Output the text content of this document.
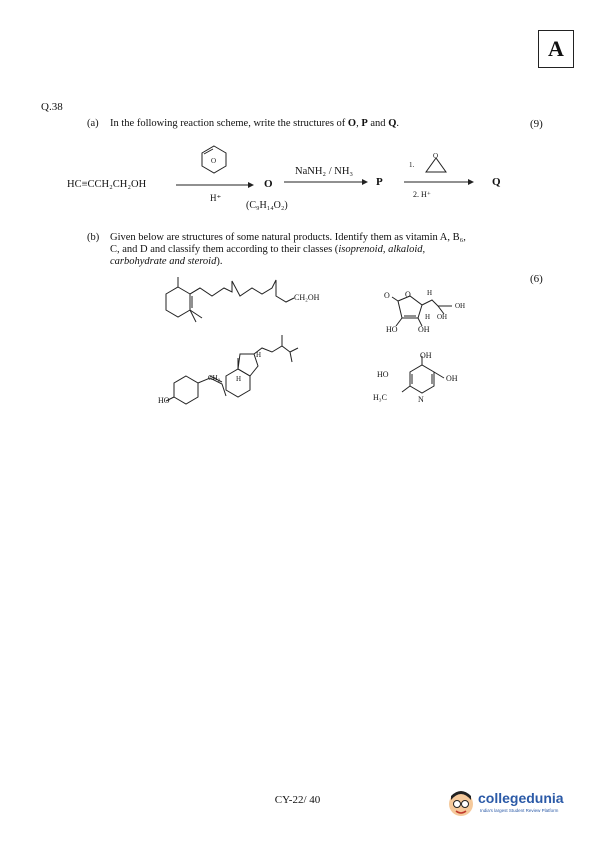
A
Q.38
(a) In the following reaction scheme, write the structures of O, P and Q.	(9)
O
O
HC≡CCH₂CH₂OH
H⁺
O
(C₉H₁₄O₂)
NaNH₂ / NH₃
P
1.
2. H⁺
Q
(b) Given below are structures of some natural products. Identify them as vitamin A, B₆,
C, and D and classify them according to their classes (isoprenoid, alkaloid,
carbohydrate and steroid).
(6)
CH₂OH	O O H
OH
H OH
HO	OH
H
CH₂ H
HO
OH
HO	OH
H₃C	N
CY-22/ 40	collegedunia
India's largest Student Review Platform
